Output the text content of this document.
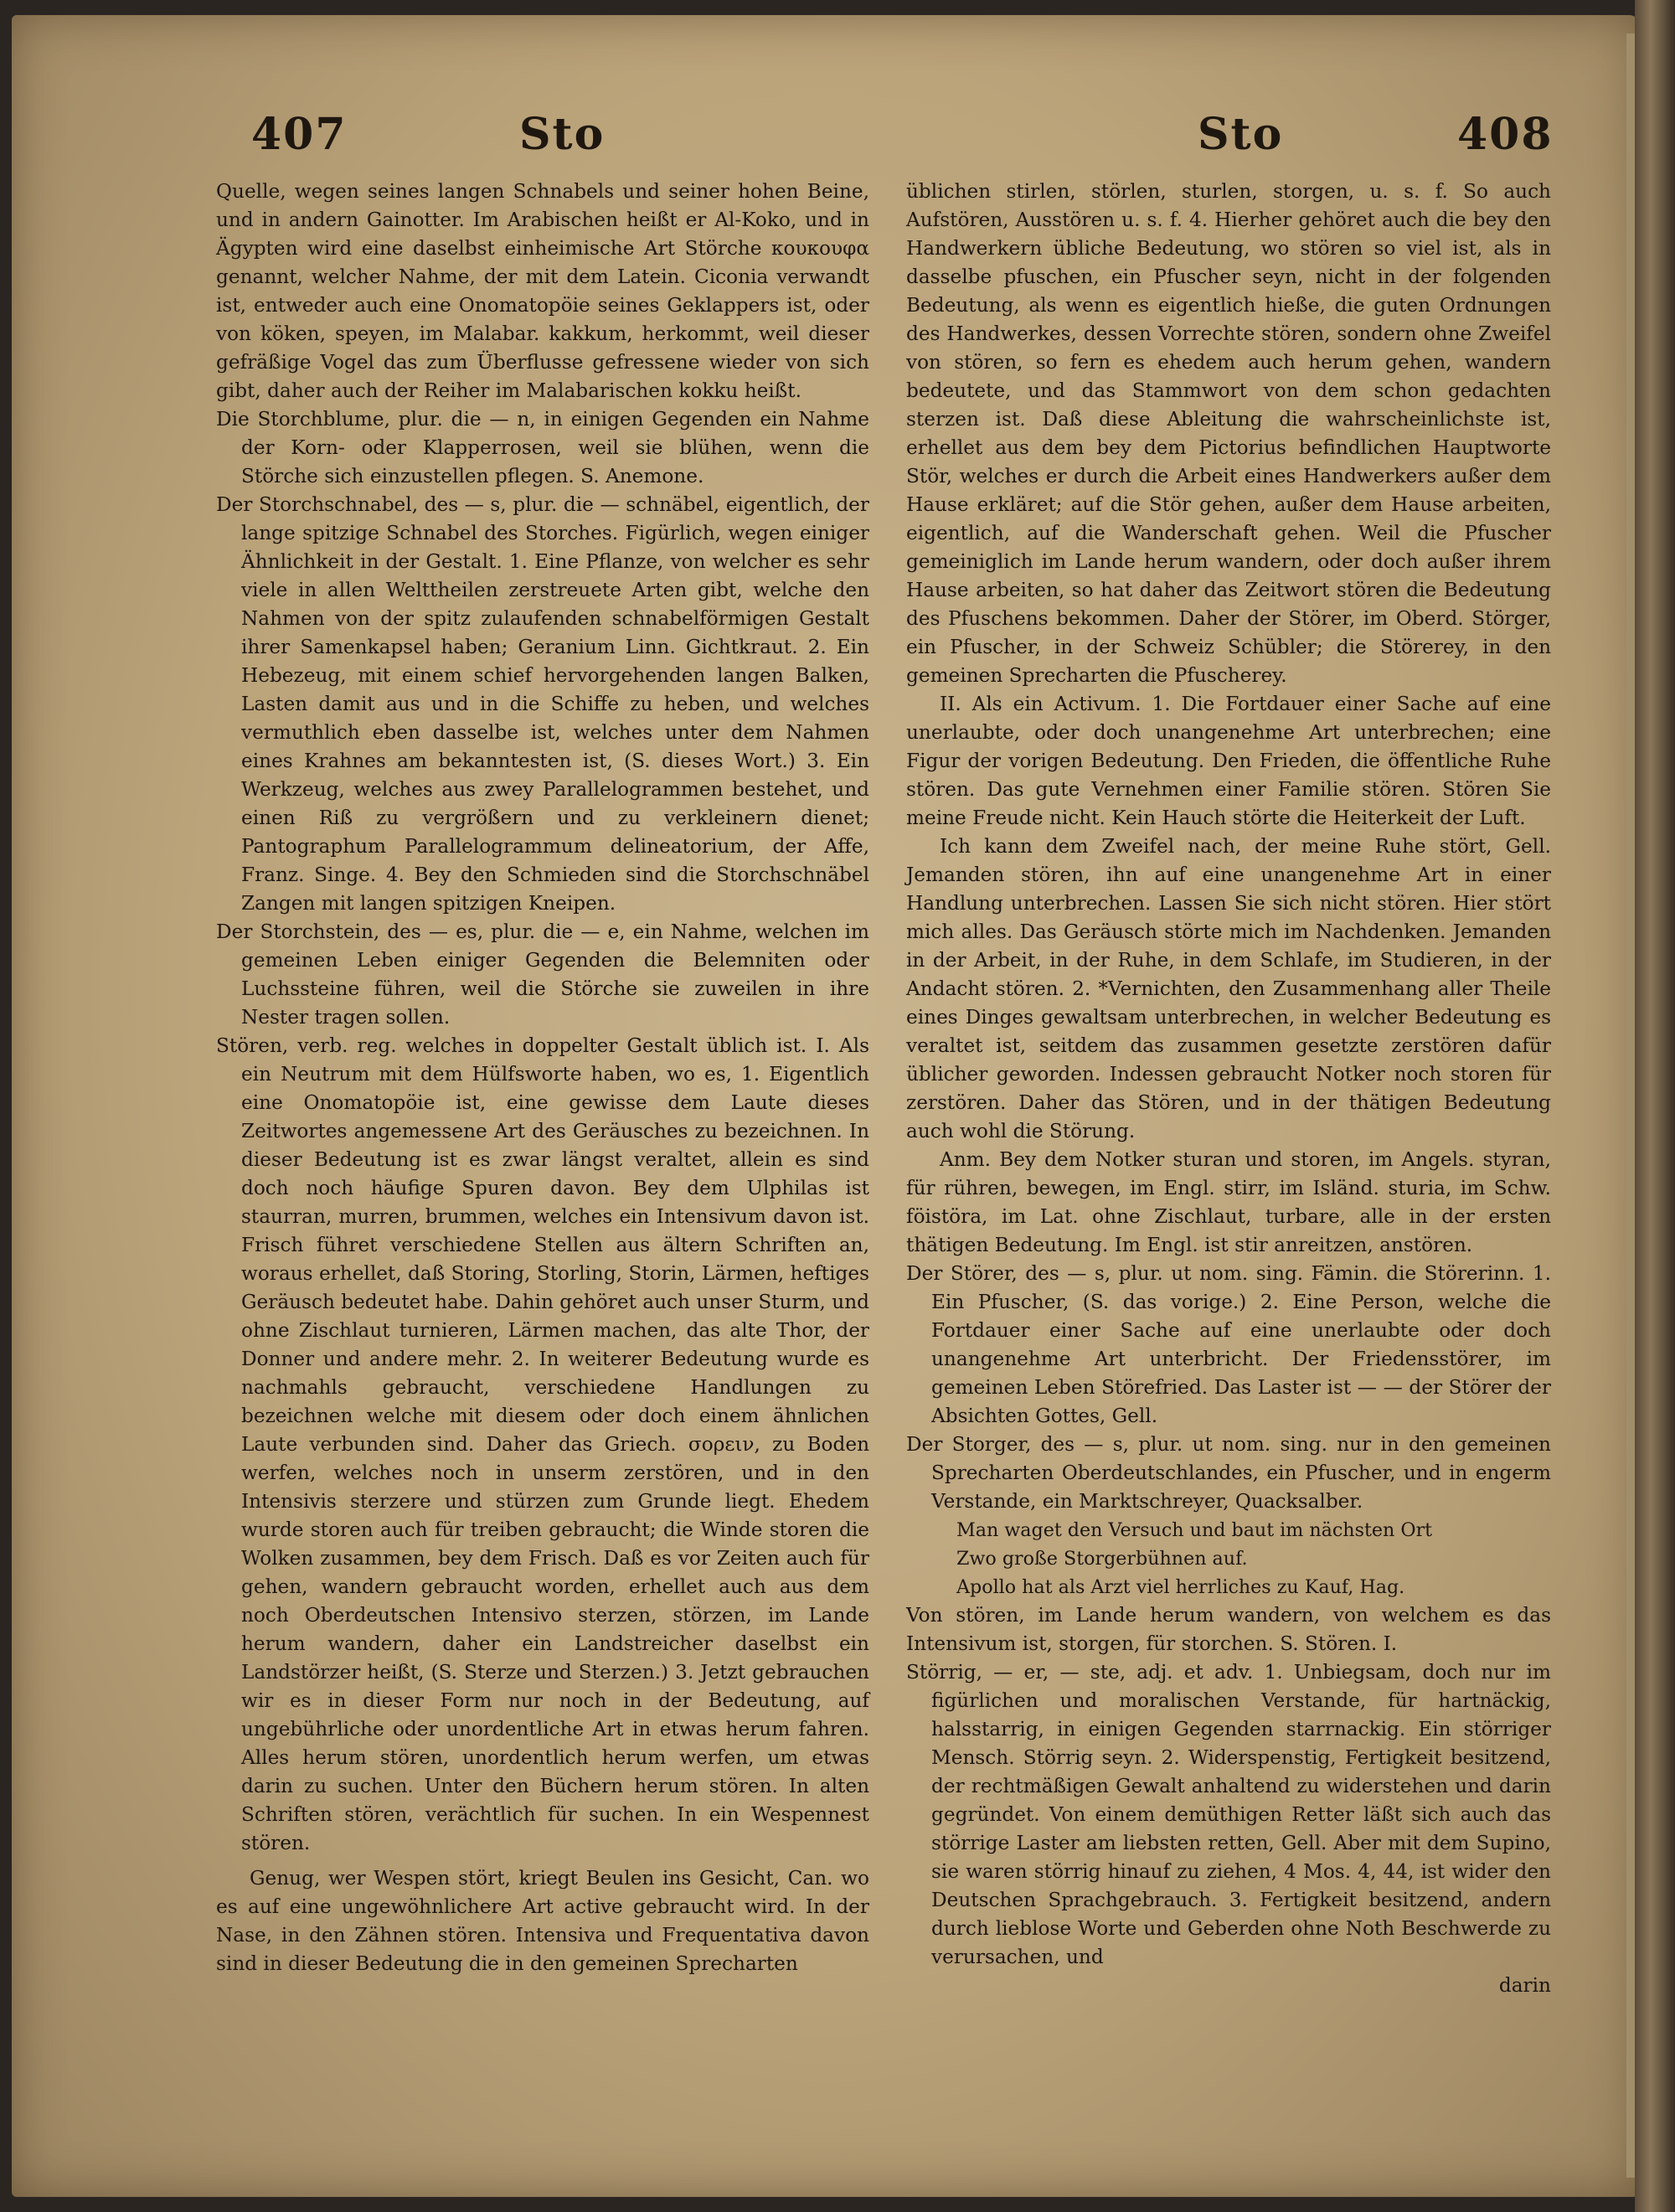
407	Sto	Sto	408

Quelle, wegen seines langen Schnabels und seiner hohen Beine, und in andern Gainotter. Im Arabischen heißt er Al-Koko, und in Ägypten wird eine daselbst einheimische Art Störche κουκουφα genannt, welcher Nahme, der mit dem Latein. Ciconia verwandt ist, entweder auch eine Onomatopöie seines Geklappers ist, oder von köken, speyen, im Malabar. kakkum, herkommt, weil dieser gefräßige Vogel das zum Überflusse gefressene wieder von sich gibt, daher auch der Reiher im Malabarischen kokku heißt.

Die Storchblume, plur. die — n, in einigen Gegenden ein Nahme der Korn- oder Klapperrosen, weil sie blühen, wenn die Störche sich einzustellen pflegen. S. Anemone.

Der Storchschnabel, des — s, plur. die — schnäbel, eigentlich, der lange spitzige Schnabel des Storches. Figürlich, wegen einiger Ähnlichkeit in der Gestalt. 1. Eine Pflanze, von welcher es sehr viele in allen Welttheilen zerstreuete Arten gibt, welche den Nahmen von der spitz zulaufenden schnabelförmigen Gestalt ihrer Samenkapsel haben; Geranium Linn. Gichtkraut. 2. Ein Hebezeug, mit einem schief hervorgehenden langen Balken, Lasten damit aus und in die Schiffe zu heben, und welches vermuthlich eben dasselbe ist, welches unter dem Nahmen eines Krahnes am bekanntesten ist, (S. dieses Wort.) 3. Ein Werkzeug, welches aus zwey Parallelogrammen bestehet, und einen Riß zu vergrößern und zu verkleinern dienet; Pantographum Parallelogrammum delineatorium, der Affe, Franz. Singe. 4. Bey den Schmieden sind die Storchschnäbel Zangen mit langen spitzigen Kneipen.

Der Storchstein, des — es, plur. die — e, ein Nahme, welchen im gemeinen Leben einiger Gegenden die Belemniten oder Luchssteine führen, weil die Störche sie zuweilen in ihre Nester tragen sollen.

Stören, verb. reg. welches in doppelter Gestalt üblich ist. I. Als ein Neutrum mit dem Hülfsworte haben, wo es, 1. Eigentlich eine Onomatopöie ist, eine gewisse dem Laute dieses Zeitwortes angemessene Art des Geräusches zu bezeichnen. In dieser Bedeutung ist es zwar längst veraltet, allein es sind doch noch häufige Spuren davon. Bey dem Ulphilas ist staurran, murren, brummen, welches ein Intensivum davon ist. Frisch führet verschiedene Stellen aus ältern Schriften an, woraus erhellet, daß Storing, Storling, Storin, Lärmen, heftiges Geräusch bedeutet habe. Dahin gehöret auch unser Sturm, und ohne Zischlaut turnieren, Lärmen machen, das alte Thor, der Donner und andere mehr. 2. In weiterer Bedeutung wurde es nachmahls gebraucht, verschiedene Handlungen zu bezeichnen welche mit diesem oder doch einem ähnlichen Laute verbunden sind. Daher das Griech. σορειν, zu Boden werfen, welches noch in unserm zerstören, und in den Intensivis sterzere und stürzen zum Grunde liegt. Ehedem wurde storen auch für treiben gebraucht; die Winde storen die Wolken zusammen, bey dem Frisch. Daß es vor Zeiten auch für gehen, wandern gebraucht worden, erhellet auch aus dem noch Oberdeutschen Intensivo sterzen, störzen, im Lande herum wandern, daher ein Landstreicher daselbst ein Landstörzer heißt, (S. Sterze und Sterzen.) 3. Jetzt gebrauchen wir es in dieser Form nur noch in der Bedeutung, auf ungebührliche oder unordentliche Art in etwas herum fahren. Alles herum stören, unordentlich herum werfen, um etwas darin zu suchen. Unter den Büchern herum stören. In alten Schriften stören, verächtlich für suchen. In ein Wespennest stören.

Genug, wer Wespen stört, kriegt Beulen ins Gesicht, Can. wo es auf eine ungewöhnlichere Art active gebraucht wird. In der Nase, in den Zähnen stören. Intensiva und Frequentativa davon sind in dieser Bedeutung die in den gemeinen Sprecharten

üblichen stirlen, störlen, sturlen, storgen, u. s. f. So auch Aufstören, Ausstören u. s. f. 4. Hierher gehöret auch die bey den Handwerkern übliche Bedeutung, wo stören so viel ist, als in dasselbe pfuschen, ein Pfuscher seyn, nicht in der folgenden Bedeutung, als wenn es eigentlich hieße, die guten Ordnungen des Handwerkes, dessen Vorrechte stören, sondern ohne Zweifel von stören, so fern es ehedem auch herum gehen, wandern bedeutete, und das Stammwort von dem schon gedachten sterzen ist. Daß diese Ableitung die wahrscheinlichste ist, erhellet aus dem bey dem Pictorius befindlichen Hauptworte Stör, welches er durch die Arbeit eines Handwerkers außer dem Hause erkläret; auf die Stör gehen, außer dem Hause arbeiten, eigentlich, auf die Wanderschaft gehen. Weil die Pfuscher gemeiniglich im Lande herum wandern, oder doch außer ihrem Hause arbeiten, so hat daher das Zeitwort stören die Bedeutung des Pfuschens bekommen. Daher der Störer, im Oberd. Störger, ein Pfuscher, in der Schweiz Schübler; die Störerey, in den gemeinen Sprecharten die Pfuscherey.

II. Als ein Activum. 1. Die Fortdauer einer Sache auf eine unerlaubte, oder doch unangenehme Art unterbrechen; eine Figur der vorigen Bedeutung. Den Frieden, die öffentliche Ruhe stören. Das gute Vernehmen einer Familie stören. Stören Sie meine Freude nicht. Kein Hauch störte die Heiterkeit der Luft.

Ich kann dem Zweifel nach, der meine Ruhe stört, Gell. Jemanden stören, ihn auf eine unangenehme Art in einer Handlung unterbrechen. Lassen Sie sich nicht stören. Hier stört mich alles. Das Geräusch störte mich im Nachdenken. Jemanden in der Arbeit, in der Ruhe, in dem Schlafe, im Studieren, in der Andacht stören. 2. *Vernichten, den Zusammenhang aller Theile eines Dinges gewaltsam unterbrechen, in welcher Bedeutung es veraltet ist, seitdem das zusammen gesetzte zerstören dafür üblicher geworden. Indessen gebraucht Notker noch storen für zerstören. Daher das Stören, und in der thätigen Bedeutung auch wohl die Störung.

Anm. Bey dem Notker sturan und storen, im Angels. styran, für rühren, bewegen, im Engl. stirr, im Isländ. sturia, im Schw. föistöra, im Lat. ohne Zischlaut, turbare, alle in der ersten thätigen Bedeutung. Im Engl. ist stir anreitzen, anstören.

Der Störer, des — s, plur. ut nom. sing. Fämin. die Störerinn. 1. Ein Pfuscher, (S. das vorige.) 2. Eine Person, welche die Fortdauer einer Sache auf eine unerlaubte oder doch unangenehme Art unterbricht. Der Friedensstörer, im gemeinen Leben Störefried. Das Laster ist — — der Störer der Absichten Gottes, Gell.

Der Storger, des — s, plur. ut nom. sing. nur in den gemeinen Sprecharten Oberdeutschlandes, ein Pfuscher, und in engerm Verstande, ein Marktschreyer, Quacksalber.

Man waget den Versuch und baut im nächsten Ort

Zwo große Storgerbühnen auf.

Apollo hat als Arzt viel herrliches zu Kauf, Hag.

Von stören, im Lande herum wandern, von welchem es das Intensivum ist, storgen, für storchen. S. Stören. I.

Störrig, — er, — ste, adj. et adv. 1. Unbiegsam, doch nur im figürlichen und moralischen Verstande, für hartnäckig, halsstarrig, in einigen Gegenden starrnackig. Ein störriger Mensch. Störrig seyn. 2. Widerspenstig, Fertigkeit besitzend, der rechtmäßigen Gewalt anhaltend zu widerstehen und darin gegründet. Von einem demüthigen Retter läßt sich auch das störrige Laster am liebsten retten, Gell. Aber mit dem Supino, sie waren störrig hinauf zu ziehen, 4 Mos. 4, 44, ist wider den Deutschen Sprachgebrauch. 3. Fertigkeit besitzend, andern durch lieblose Worte und Geberden ohne Noth Beschwerde zu verursachen, und

darin
